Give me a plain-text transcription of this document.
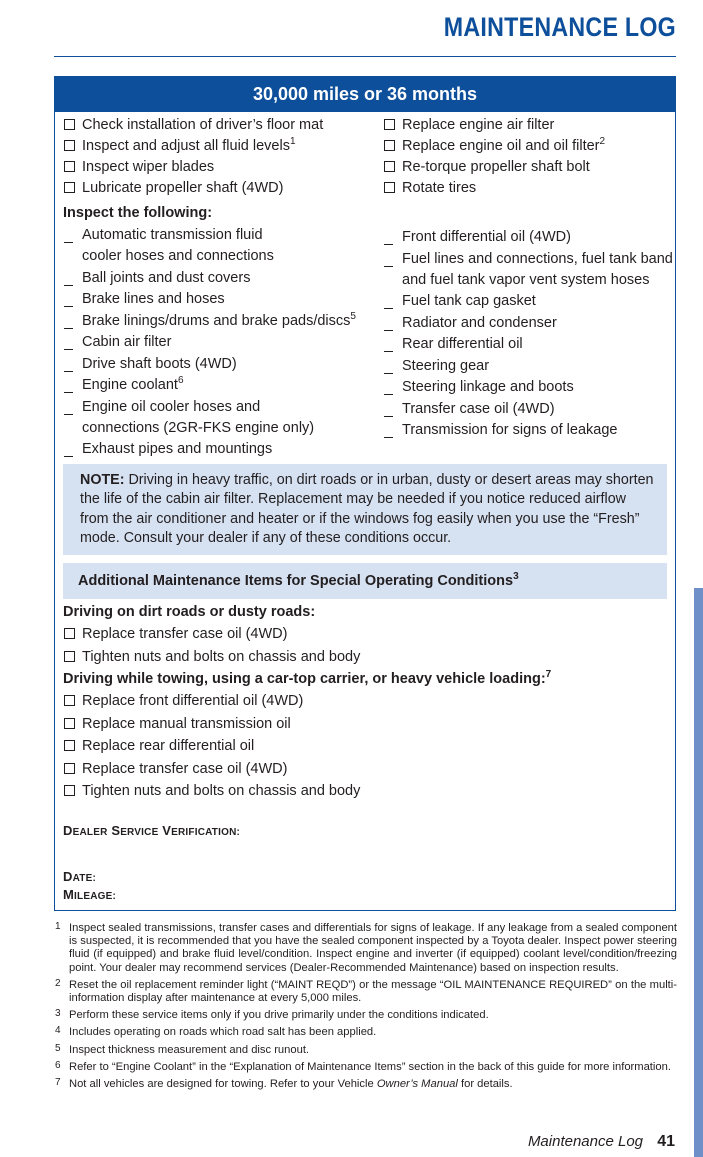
MAINTENANCE LOG
30,000 miles or 36 months
Check installation of driver’s floor mat
Inspect and adjust all fluid levels$^1$
Inspect wiper blades
Lubricate propeller shaft (4WD)
Replace engine air filter
Replace engine oil and oil filter$^2$
Re-torque propeller shaft bolt
Rotate tires
Inspect the following:
Automatic transmission fluid
cooler hoses and connections
Ball joints and dust covers
Brake lines and hoses
Brake linings/drums and brake pads/discs$^5$
Cabin air filter
Drive shaft boots (4WD)
Engine coolant$^6$
Engine oil cooler hoses and
connections (2GR-FKS engine only)
Exhaust pipes and mountings
Front differential oil (4WD)
Fuel lines and connections, fuel tank band
and fuel tank vapor vent system hoses
Fuel tank cap gasket
Radiator and condenser
Rear differential oil
Steering gear
Steering linkage and boots
Transfer case oil (4WD)
Transmission for signs of leakage
NOTE: Driving in heavy traffic, on dirt roads or in urban, dusty or desert areas may shorten
the life of the cabin air filter. Replacement may be needed if you notice reduced airflow
from the air conditioner and heater or if the windows fog easily when you use the “Fresh”
mode. Consult your dealer if any of these conditions occur.
Additional Maintenance Items for Special Operating Conditions$^3$
Driving on dirt roads or dusty roads:
Replace transfer case oil (4WD)
Tighten nuts and bolts on chassis and body
Driving while towing, using a car-top carrier, or heavy vehicle loading:$^7$
Replace front differential oil (4WD)
Replace manual transmission oil
Replace rear differential oil
Replace transfer case oil (4WD)
Tighten nuts and bolts on chassis and body
DEALER SERVICE VERIFICATION:
DATE:
MILEAGE:
1 Inspect sealed transmissions, transfer cases and differentials for signs of leakage. If any leakage from a sealed component is suspected, it is recommended that you have the sealed component inspected by a Toyota dealer. Inspect power steering fluid (if equipped) and brake fluid level/condition. Inspect engine and inverter (if equipped) coolant level/condition/freezing point. Your dealer may recommend services (Dealer-Recommended Maintenance) based on inspection results.
2 Reset the oil replacement reminder light (“MAINT REQD”) or the message “OIL MAINTENANCE REQUIRED” on the multi-information display after maintenance at every 5,000 miles.
3 Perform these service items only if you drive primarily under the conditions indicated.
4 Includes operating on roads which road salt has been applied.
5 Inspect thickness measurement and disc runout.
6 Refer to “Engine Coolant” in the “Explanation of Maintenance Items” section in the back of this guide for more information.
7 Not all vehicles are designed for towing. Refer to your Vehicle Owner’s Manual for details.
Maintenance Log 41
